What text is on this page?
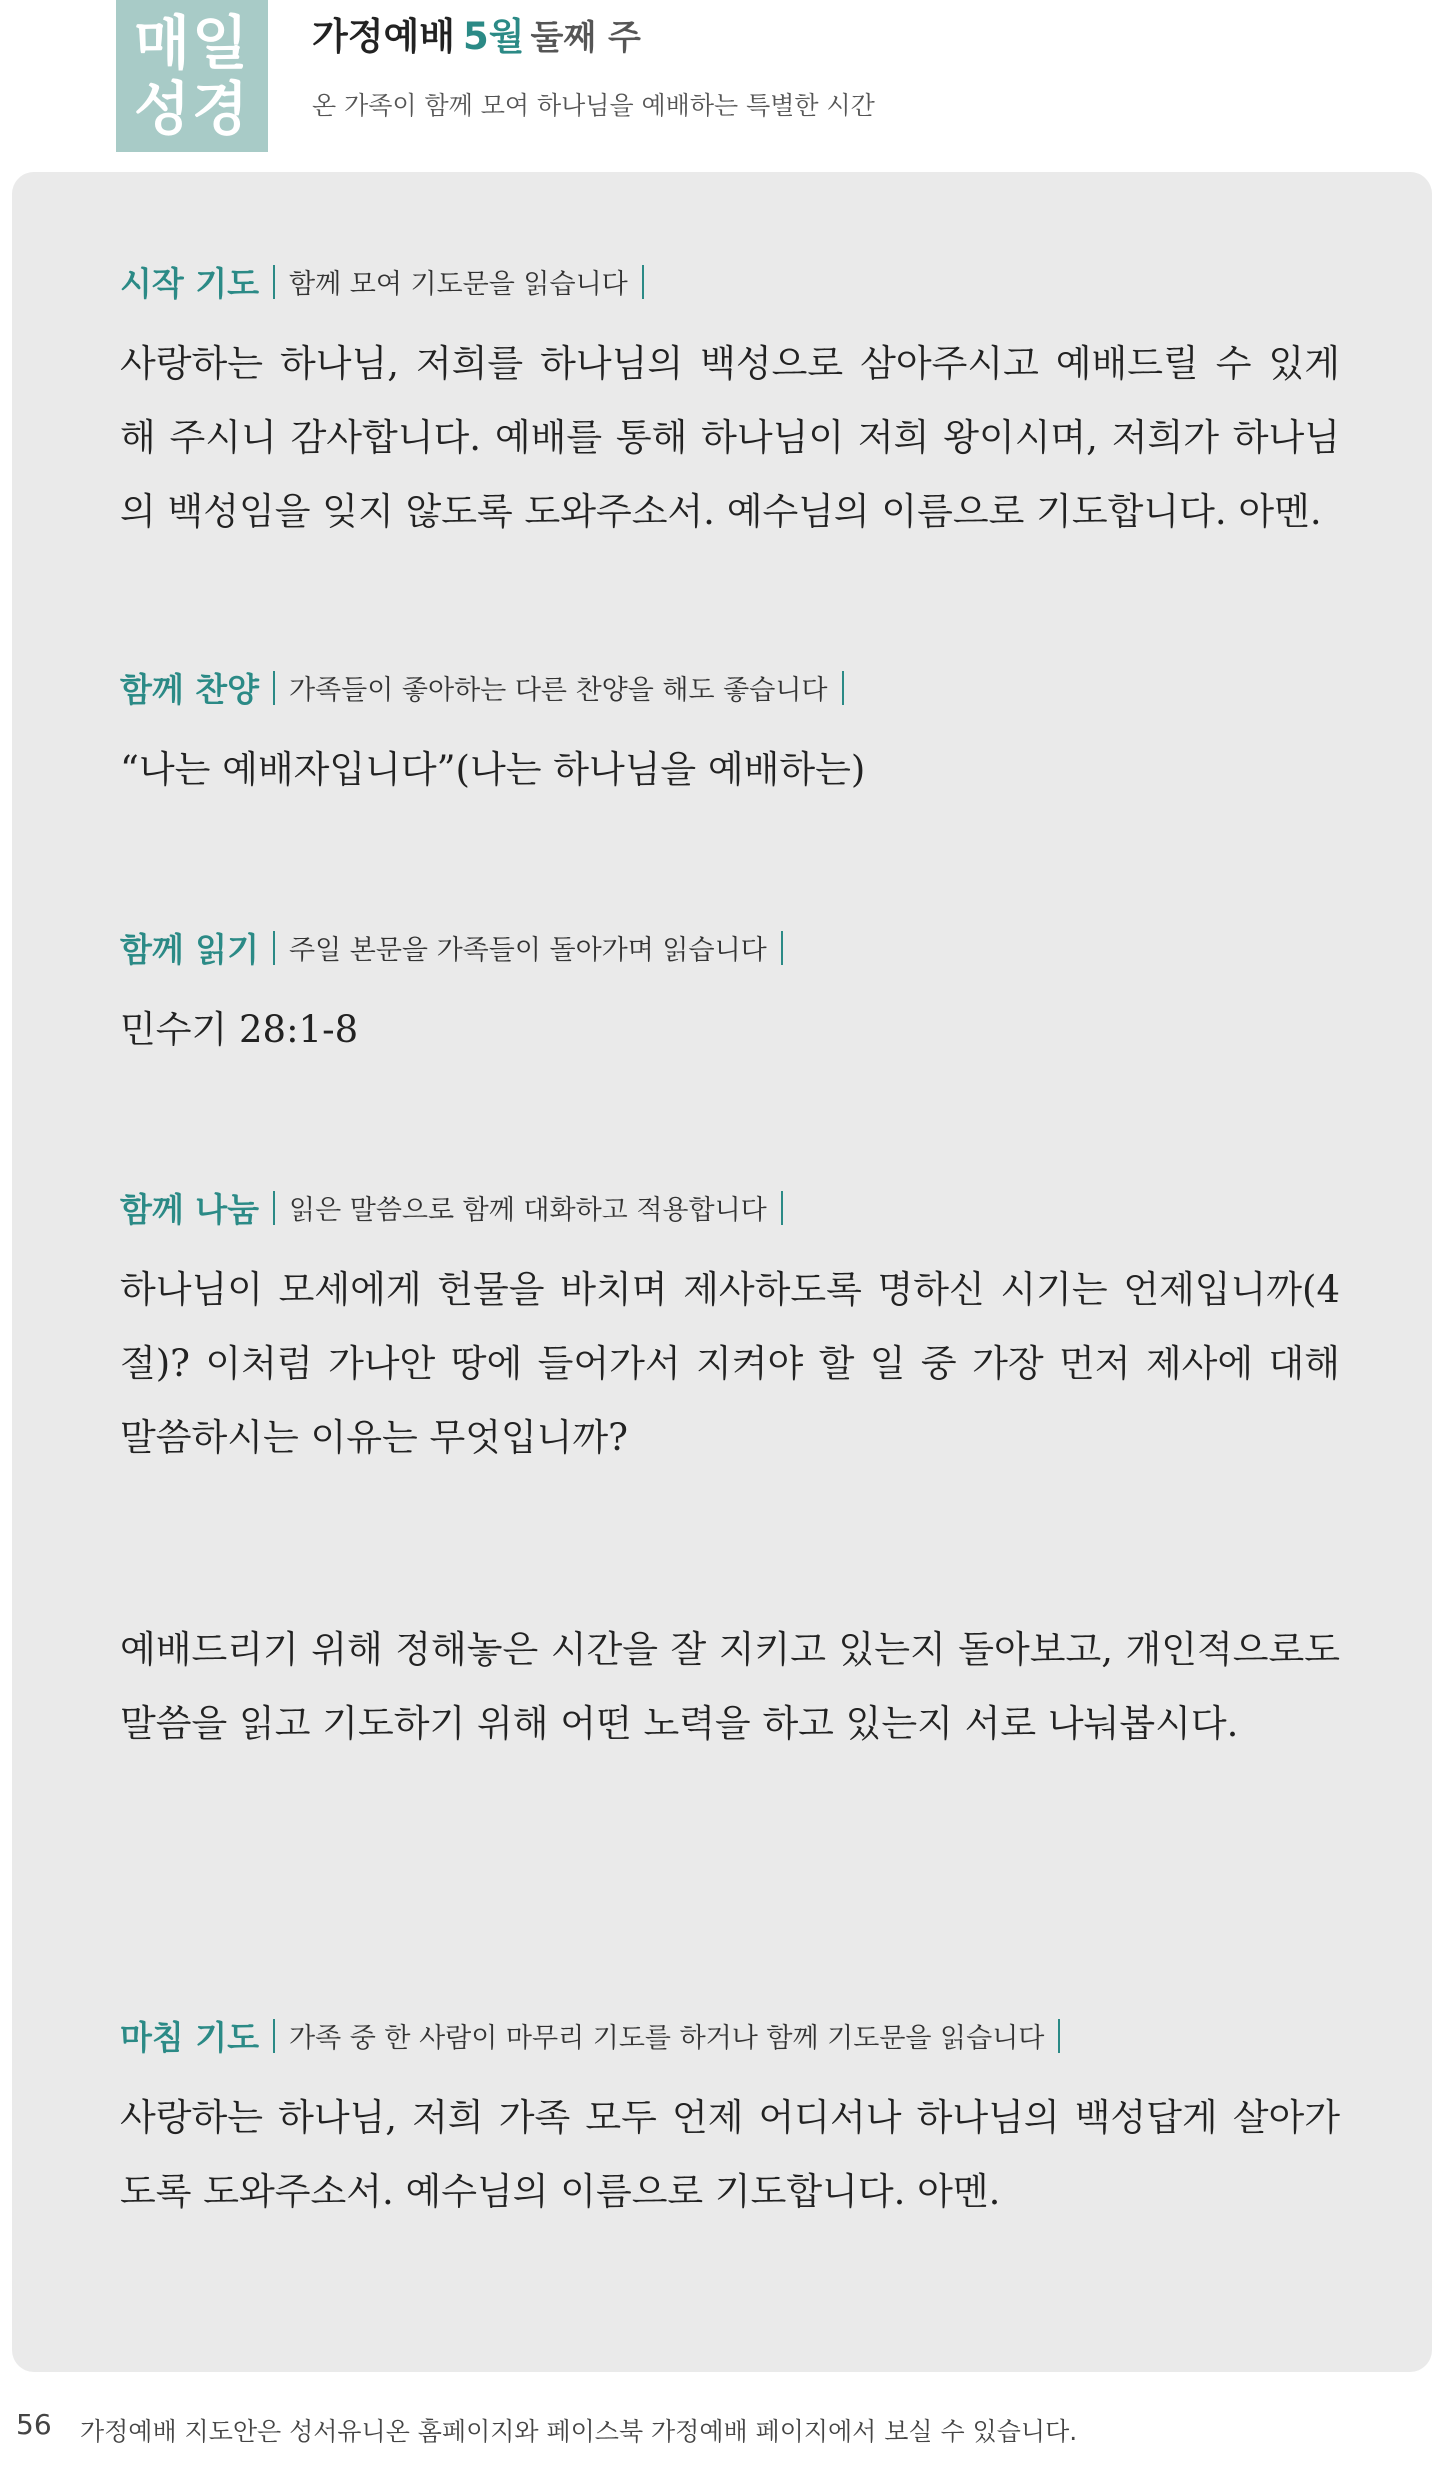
매일
성경
가정예배 5월 둘째 주
온 가족이 함께 모여 하나님을 예배하는 특별한 시간
시작 기도 함께 모여 기도문을 읽습니다

사랑하는 하나님, 저희를 하나님의 백성으로 삼아주시고 예배드릴 수 있게 해 주시니 감사합니다. 예배를 통해 하나님이 저희 왕이시며, 저희가 하나님의 백성임을 잊지 않도록 도와주소서. 예수님의 이름으로 기도합니다. 아멘.

함께 찬양 가족들이 좋아하는 다른 찬양을 해도 좋습니다

“나는 예배자입니다”(나는 하나님을 예배하는)

함께 읽기 주일 본문을 가족들이 돌아가며 읽습니다

민수기 28:1-8

함께 나눔 읽은 말씀으로 함께 대화하고 적용합니다

하나님이 모세에게 헌물을 바치며 제사하도록 명하신 시기는 언제입니까(4절)? 이처럼 가나안 땅에 들어가서 지켜야 할 일 중 가장 먼저 제사에 대해 말씀하시는 이유는 무엇입니까?

예배드리기 위해 정해놓은 시간을 잘 지키고 있는지 돌아보고, 개인적으로도 말씀을 읽고 기도하기 위해 어떤 노력을 하고 있는지 서로 나눠봅시다.

마침 기도 가족 중 한 사람이 마무리 기도를 하거나 함께 기도문을 읽습니다

사랑하는 하나님, 저희 가족 모두 언제 어디서나 하나님의 백성답게 살아가도록 도와주소서. 예수님의 이름으로 기도합니다. 아멘.

56 가정예배 지도안은 성서유니온 홈페이지와 페이스북 가정예배 페이지에서 보실 수 있습니다.
